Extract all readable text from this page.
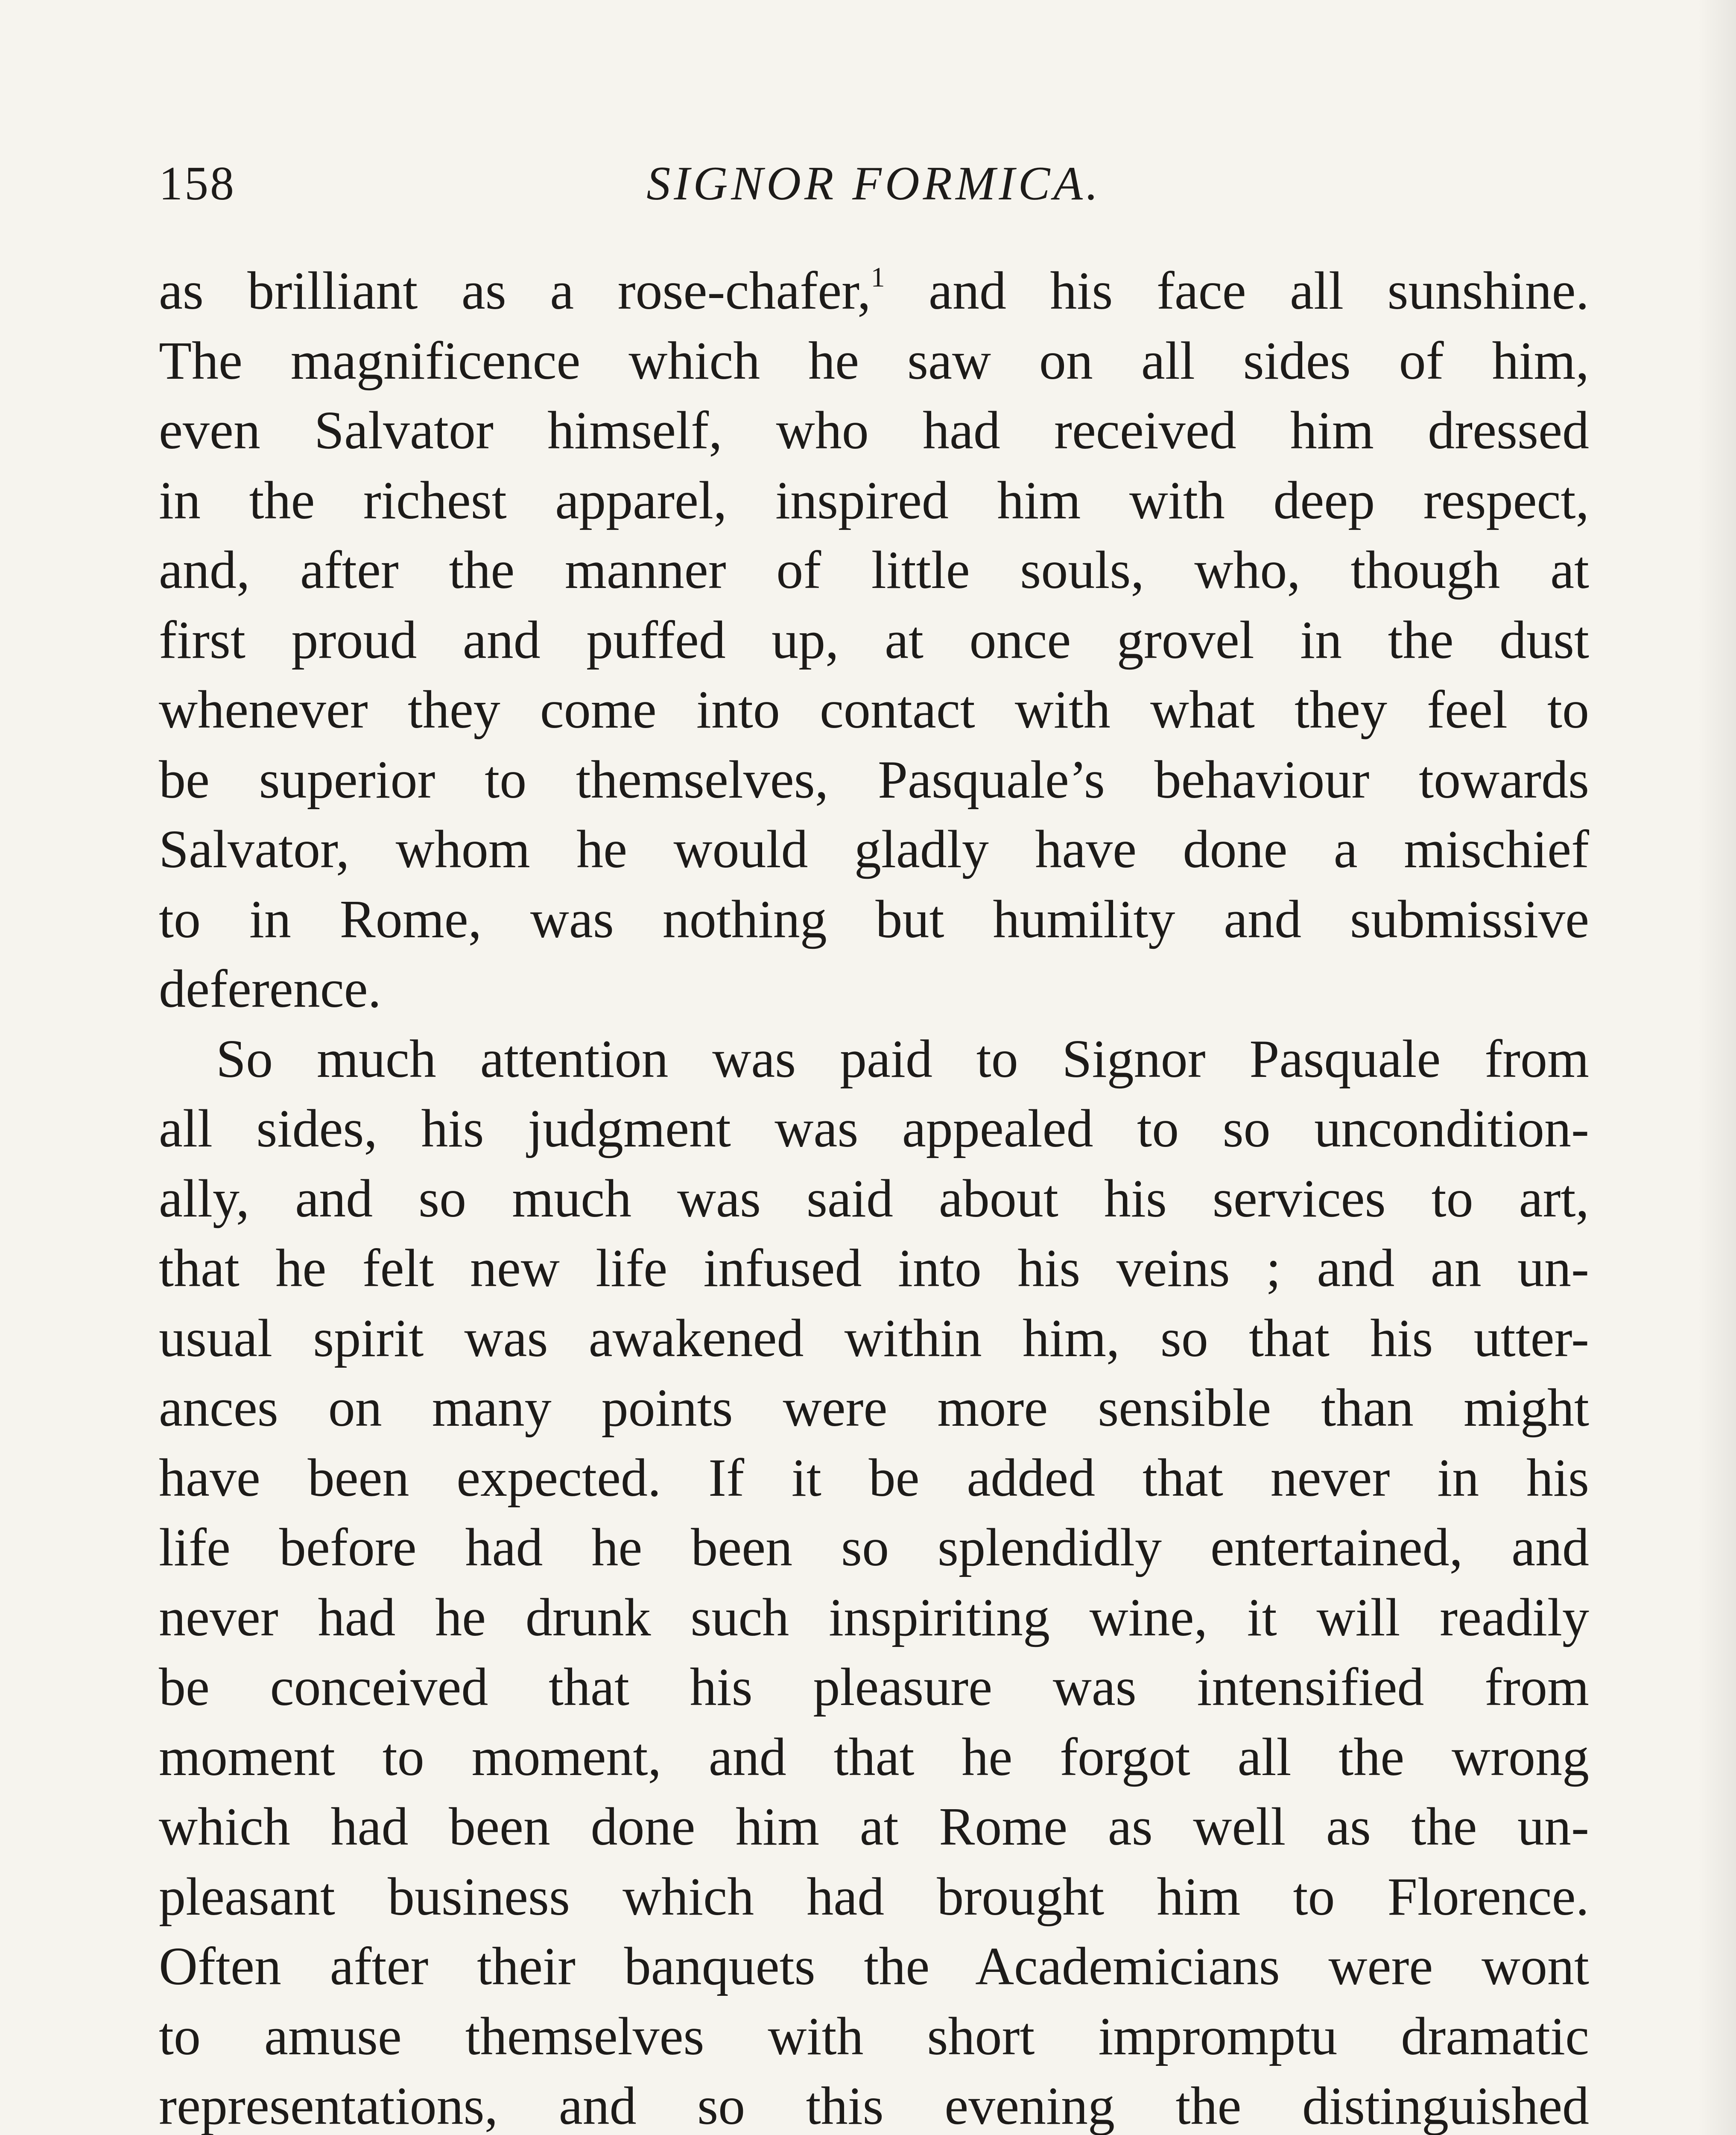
158	SIGNOR FORMICA.
as brilliant as a rose-chafer,$^1$ and his face all sunshine.
The magnificence which he saw on all sides of him,
even Salvator himself, who had received him dressed
in the richest apparel, inspired him with deep respect,
and, after the manner of little souls, who, though at
first proud and puffed up, at once grovel in the dust
whenever they come into contact with what they feel to
be superior to themselves, Pasquale’s behaviour towards
Salvator, whom he would gladly have done a mischief
to in Rome, was nothing but humility and submissive
deference.
So much attention was paid to Signor Pasquale from
all sides, his judgment was appealed to so uncondition-
ally, and so much was said about his services to art,
that he felt new life infused into his veins ; and an un-
usual spirit was awakened within him, so that his utter-
ances on many points were more sensible than might
have been expected. If it be added that never in his
life before had he been so splendidly entertained, and
never had he drunk such inspiriting wine, it will readily
be conceived that his pleasure was intensified from
moment to moment, and that he forgot all the wrong
which had been done him at Rome as well as the un-
pleasant business which had brought him to Florence.
Often after their banquets the Academicians were wont
to amuse themselves with short impromptu dramatic
representations, and so this evening the distinguished
